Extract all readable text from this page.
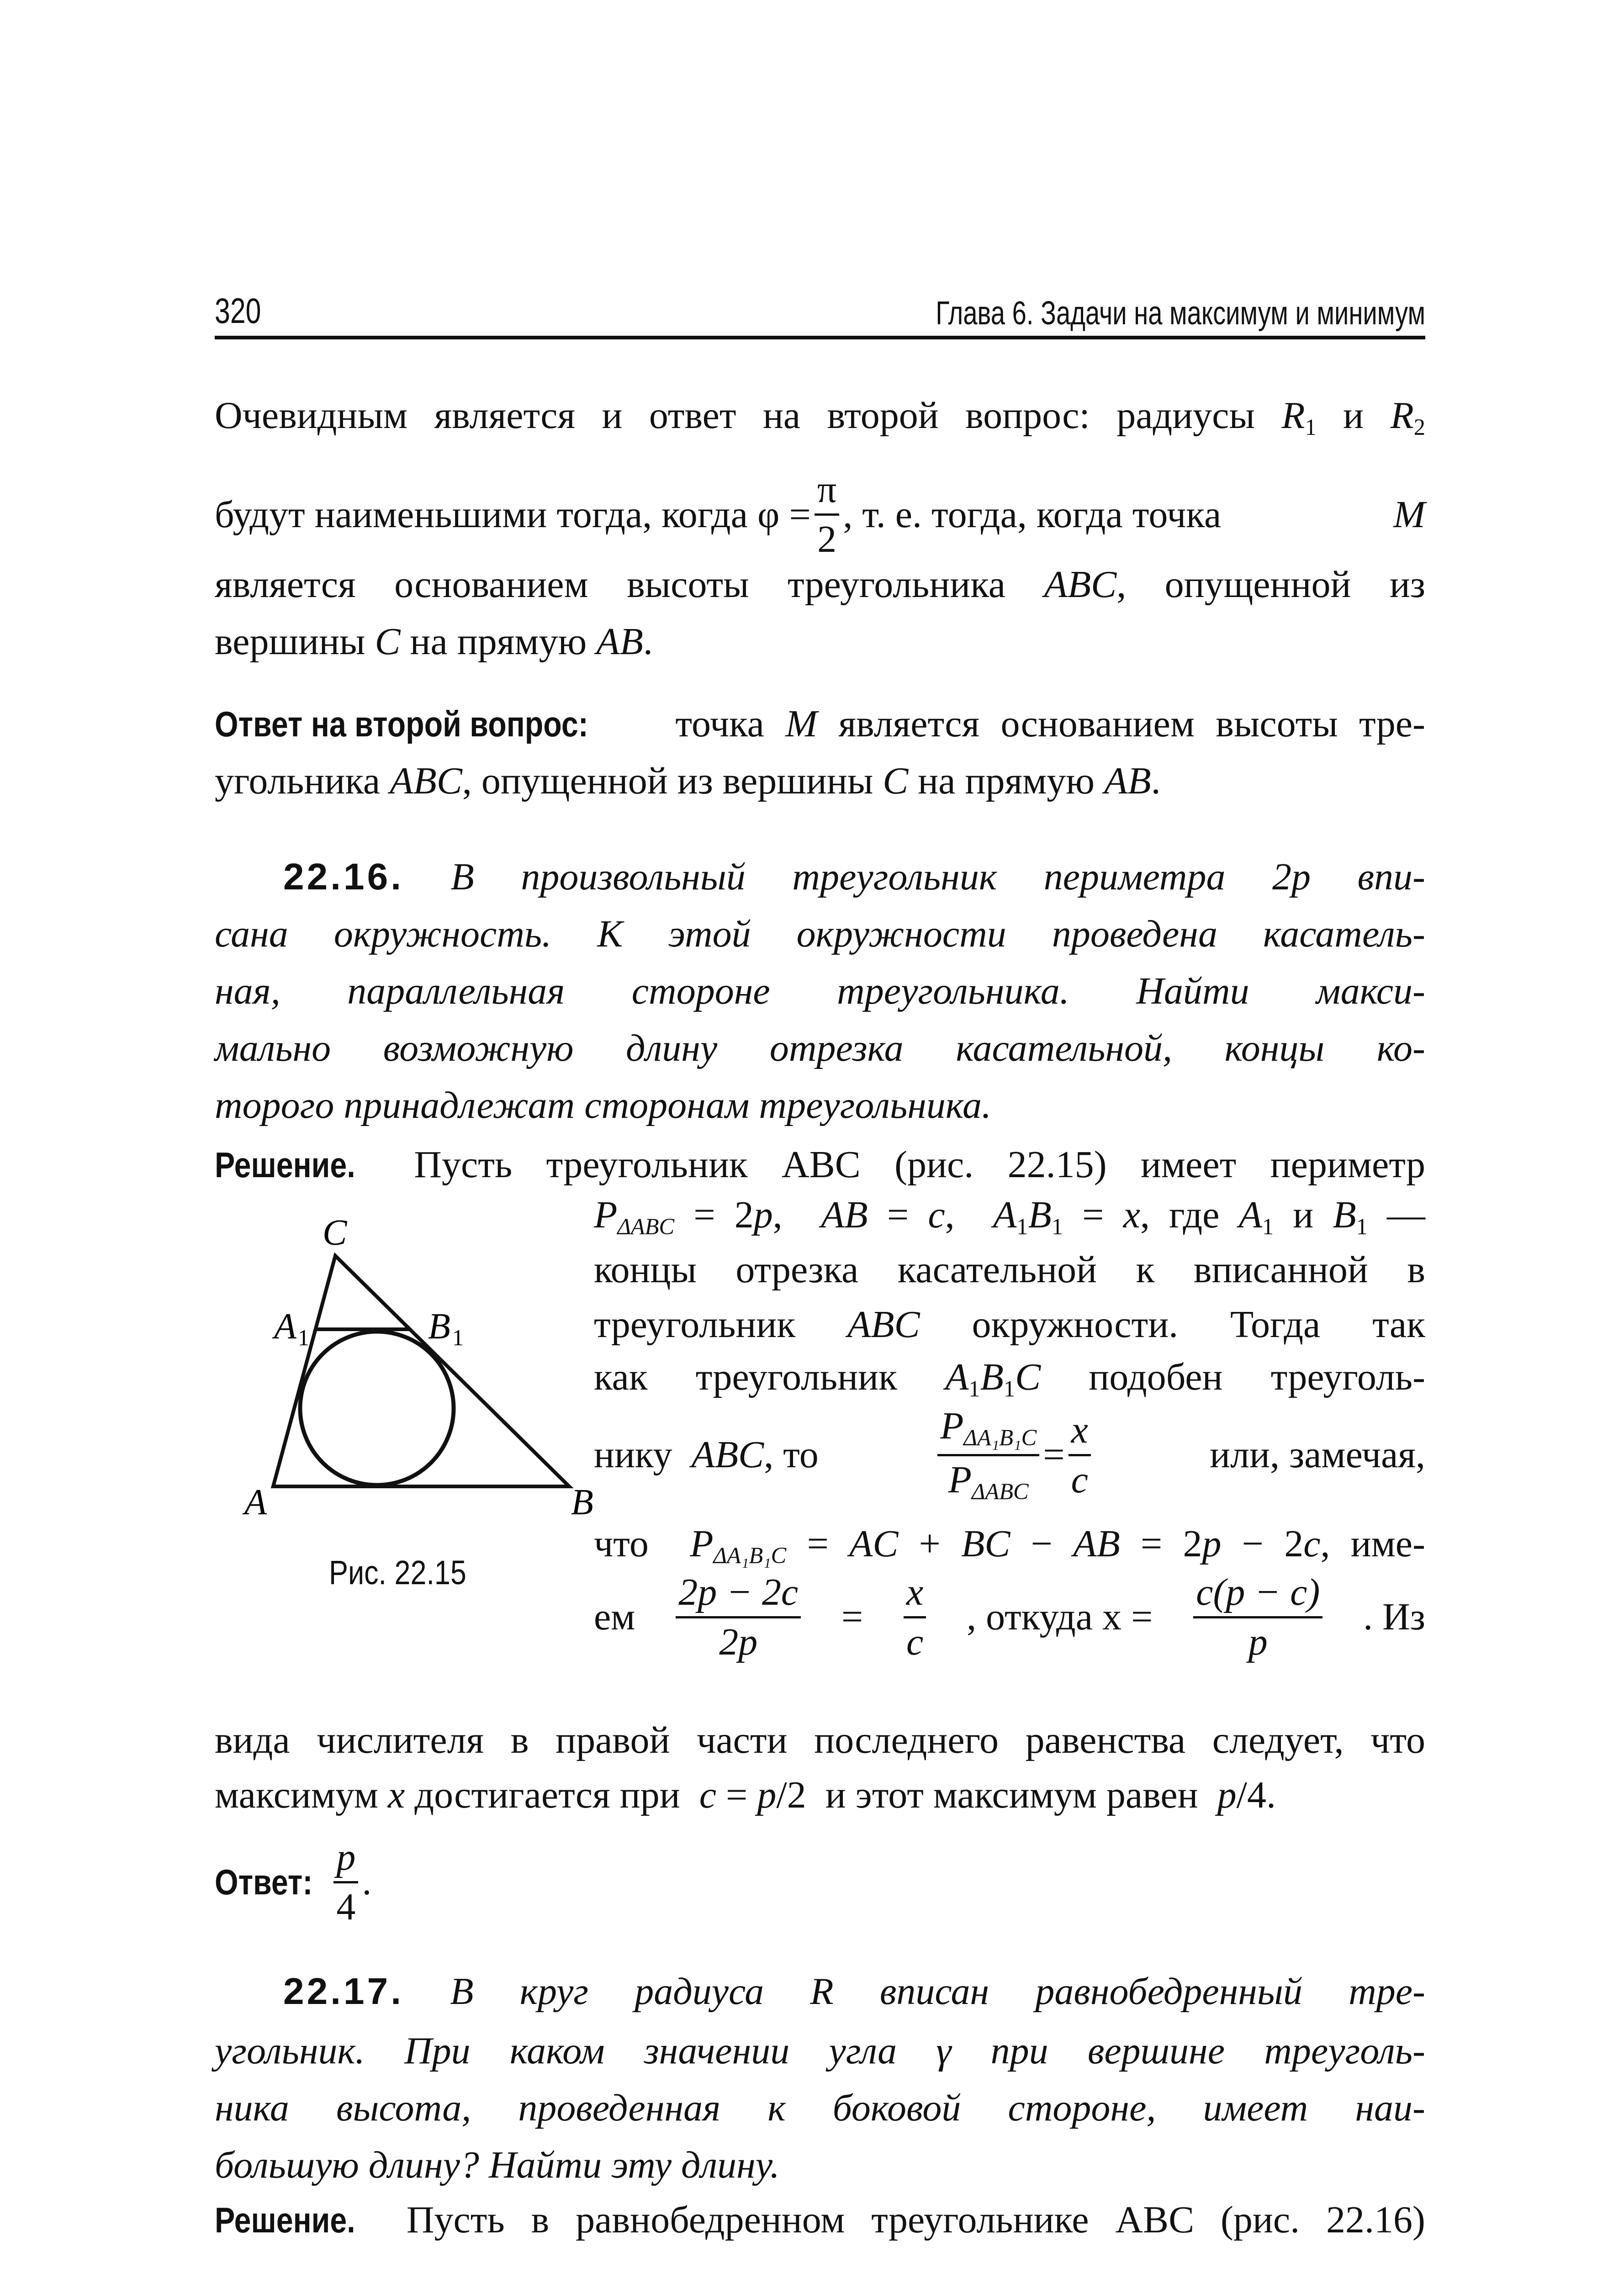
320	Глава 6. Задачи на максимум и минимум
Очевидным является и ответ на второй вопрос: радиусы $R_1$ и $R_2$
будут наименьшими тогда, когда $\varphi = \frac{\pi}{2}$ , т. е. тогда, когда точка	M
является основанием высоты треугольника ABC, опущенной из
вершины C на прямую AB.
Ответ на второй вопрос: точка M является основанием высоты тре-
угольника ABC, опущенной из вершины C на прямую AB.
22.16. В произвольный треугольник периметра 2p впи-
сана окружность. К этой окружности проведена касатель-
ная, параллельная стороне треугольника. Найти макси-
мально возможную длину отрезка касательной, концы ко-
торого принадлежат сторонам треугольника.
Решение. Пусть треугольник ABC (рис. 22.15) имеет периметр
$P_{\Delta ABC} = 2p$,  AB = c,  $A_1B_1 = x$, где $A_1$ и $B_1$ —
концы отрезка касательной к вписанной в
треугольник ABC окружности. Тогда так
как треугольник $A_1B_1C$ подобен треуголь-
нику  ABC, то	$\frac{P_{\Delta A_1B_1C}}{P_{\Delta ABC}} = \frac{x}{c}$	или, замечая,
что  $P_{\Delta A_1B_1C}$ = AC + BC − AB = 2p − 2c, име-
ем $\frac{2p - 2c}{2p} = \frac{x}{c}$ , откуда $x = \frac{c(p - c)}{p}$ . Из
C
A 1	B 1
A	B
Рис. 22.15
вида числителя в правой части последнего равенства следует, что
максимум x достигается при  c = p/2  и этот максимум равен  p/4.
Ответ: $\frac{p}{4}$ .
22.17. В круг радиуса R вписан равнобедренный тре-
угольник. При каком значении угла γ при вершине треуголь-
ника высота, проведенная к боковой стороне, имеет наи-
большую длину? Найти эту длину.
Решение. Пусть в равнобедренном треугольнике ABC (рис. 22.16)
